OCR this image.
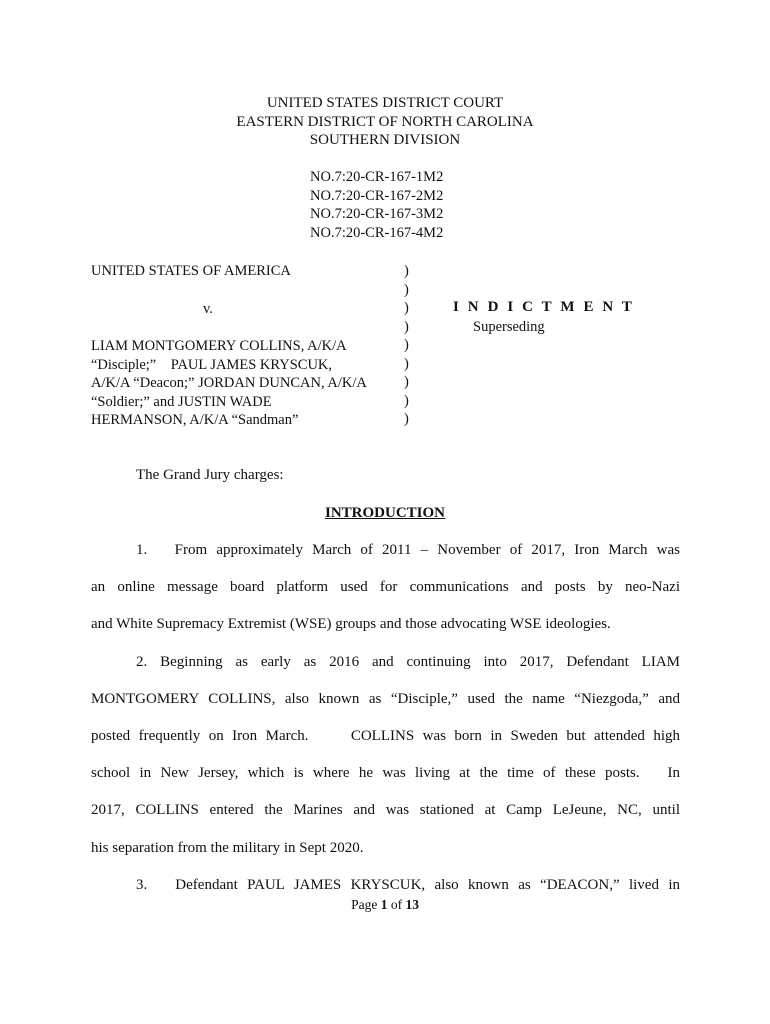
UNITED STATES DISTRICT COURT
EASTERN DISTRICT OF NORTH CAROLINA
SOUTHERN DIVISION
NO.7:20-CR-167-1M2
NO.7:20-CR-167-2M2
NO.7:20-CR-167-3M2
NO.7:20-CR-167-4M2
UNITED STATES OF AMERICA
v.
LIAM MONTGOMERY COLLINS, A/K/A
“Disciple;”    PAUL JAMES KRYSCUK,
A/K/A “Deacon;” JORDAN DUNCAN, A/K/A
“Soldier;” and JUSTIN WADE
HERMANSON, A/K/A “Sandman”
)
)
)
)
)
)
)
)
)
I N D I C T M E N T
Superseding
The Grand Jury charges:
INTRODUCTION
1.   From approximately March of 2011 – November of 2017, Iron March was
an online message board platform used for communications and posts by neo-Nazi
and White Supremacy Extremist (WSE) groups and those advocating WSE ideologies.
2. Beginning as early as 2016 and continuing into 2017, Defendant LIAM
MONTGOMERY COLLINS, also known as “Disciple,” used the name “Niezgoda,” and
posted frequently on Iron March.     COLLINS was born in Sweden but attended high
school in New Jersey, which is where he was living at the time of these posts.   In
2017, COLLINS entered the Marines and was stationed at Camp LeJeune, NC, until
his separation from the military in Sept 2020.
3.   Defendant PAUL JAMES KRYSCUK, also known as “DEACON,” lived in
Page 1 of 13
